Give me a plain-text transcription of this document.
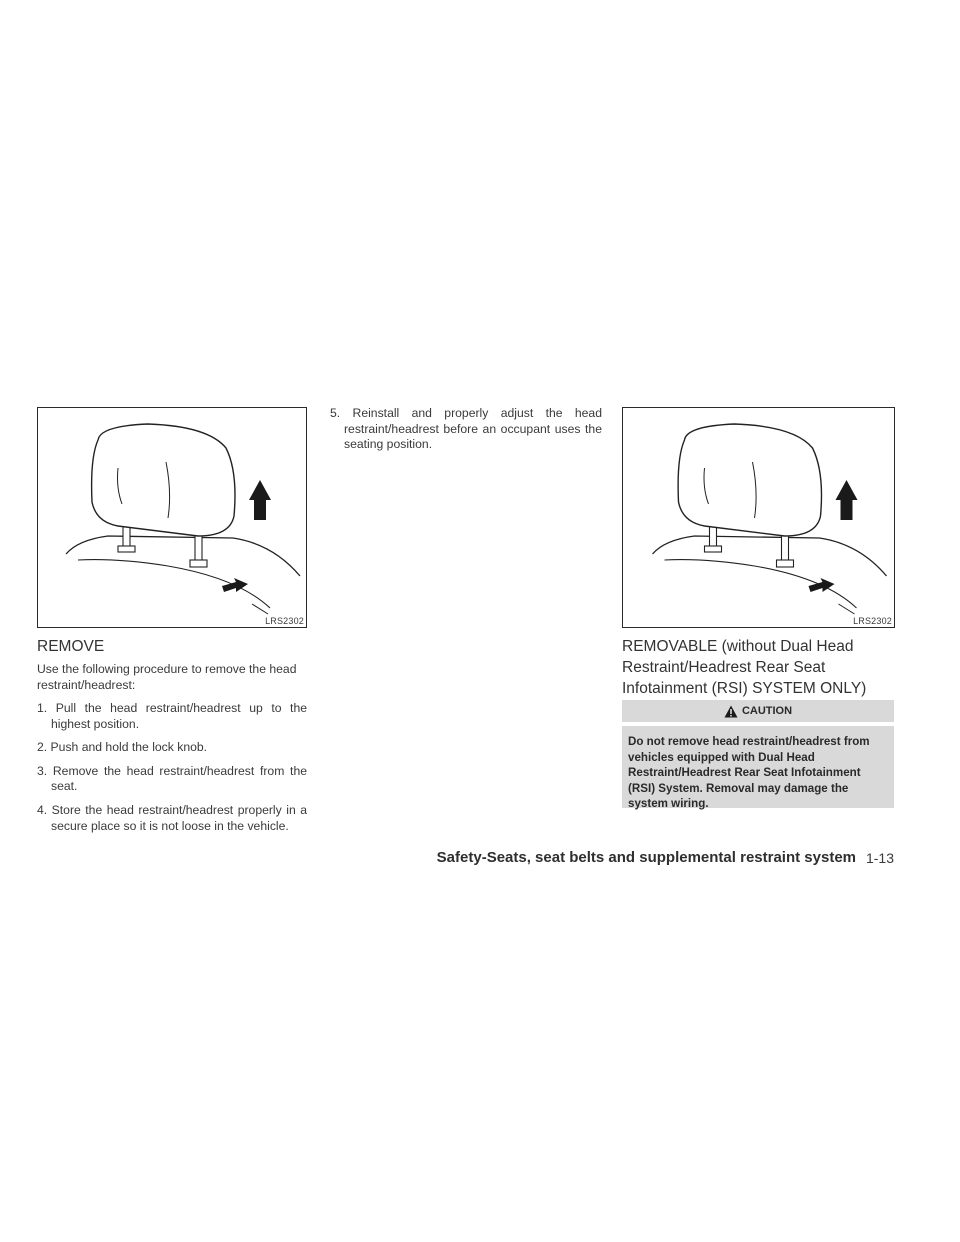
LRS2302	LRS2302
REMOVE
Use the following procedure to remove the head restraint/headrest:
1. Pull the head restraint/headrest up to the highest position.
2. Push and hold the lock knob.
3. Remove the head restraint/headrest from the seat.
4. Store the head restraint/headrest properly in a secure place so it is not loose in the vehicle.
5. Reinstall and properly adjust the head restraint/headrest before an occupant uses the seating position.
REMOVABLE (without Dual Head Restraint/Headrest Rear Seat Infotainment (RSI) SYSTEM ONLY)
CAUTION
Do not remove head restraint/headrest from vehicles equipped with Dual Head Restraint/Headrest Rear Seat Infotainment (RSI) System. Removal may damage the system wiring.
Safety-Seats, seat belts and supplemental restraint system 1-13
